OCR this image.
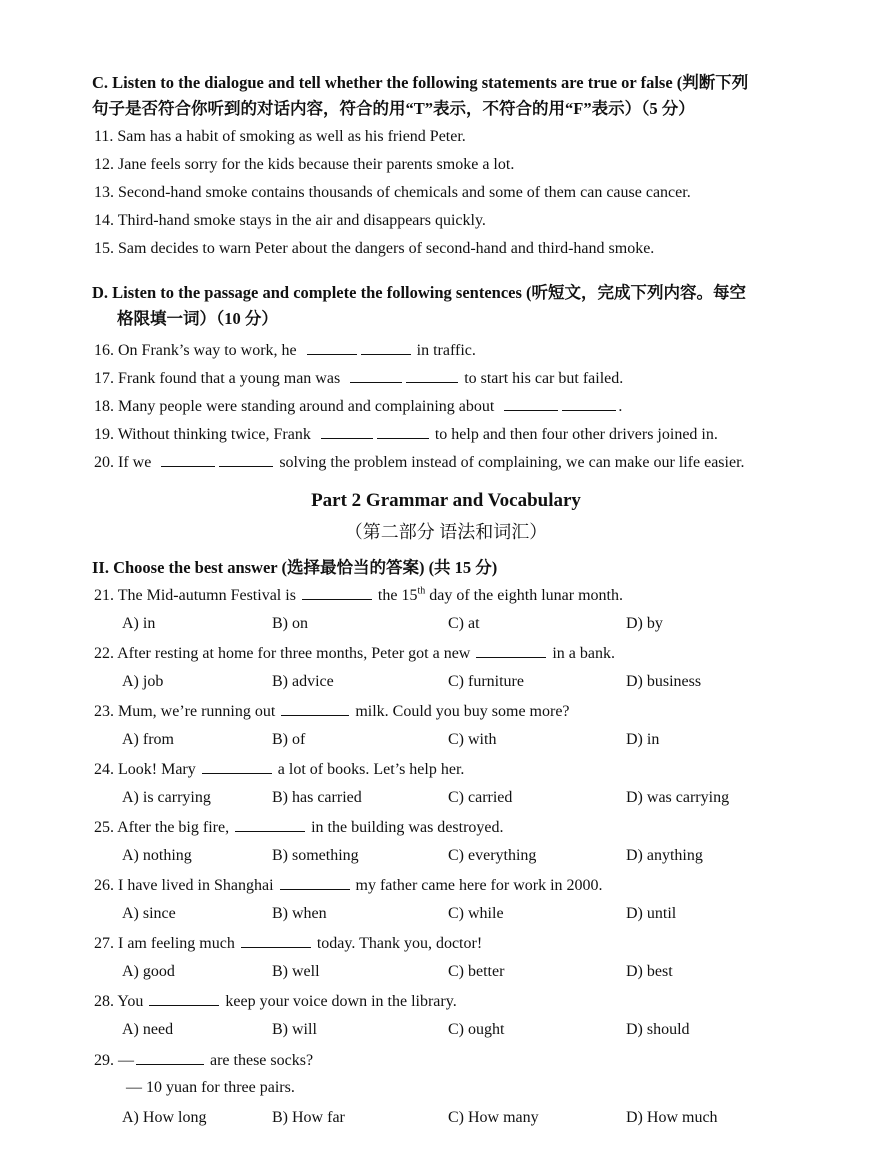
C. Listen to the dialogue and tell whether the following statements are true or false (判断下列
句子是否符合你听到的对话内容，符合的用“T”表示，不符合的用“F”表示）（5 分）
11. Sam has a habit of smoking as well as his friend Peter.
12. Jane feels sorry for the kids because their parents smoke a lot.
13. Second-hand smoke contains thousands of chemicals and some of them can cause cancer.
14. Third-hand smoke stays in the air and disappears quickly.
15. Sam decides to warn Peter about the dangers of second-hand and third-hand smoke.
D. Listen to the passage and complete the following sentences (听短文，完成下列内容。每空
格限填一词）（10 分）
16. On Frank’s way to work, he	in traffic.
17. Frank found that a young man was	to start his car but failed.
18. Many people were standing around and complaining about	.
19. Without thinking twice, Frank	to help and then four other drivers joined in.
20. If we	solving the problem instead of complaining, we can make our life easier.
Part 2 Grammar and Vocabulary
（第二部分 语法和词汇）
II. Choose the best answer (选择最恰当的答案) (共 15 分)
21. The Mid-autumn Festival is	the 15th day of the eighth lunar month.
A) in	B) on	C) at	D) by
22. After resting at home for three months, Peter got a new	in a bank.
A) job	B) advice	C) furniture	D) business
23. Mum, we’re running out	milk. Could you buy some more?
A) from	B) of	C) with	D) in
24. Look! Mary	a lot of books. Let’s help her.
A) is carrying	B) has carried	C) carried	D) was carrying
25. After the big fire,	in the building was destroyed.
A) nothing	B) something	C) everything	D) anything
26. I have lived in Shanghai	my father came here for work in 2000.
A) since	B) when	C) while	D) until
27. I am feeling much	today. Thank you, doctor!
A) good	B) well	C) better	D) best
28. You	keep your voice down in the library.
A) need	B) will	C) ought	D) should
29. —	are these socks?
— 10 yuan for three pairs.
A) How long	B) How far	C) How many	D) How much
